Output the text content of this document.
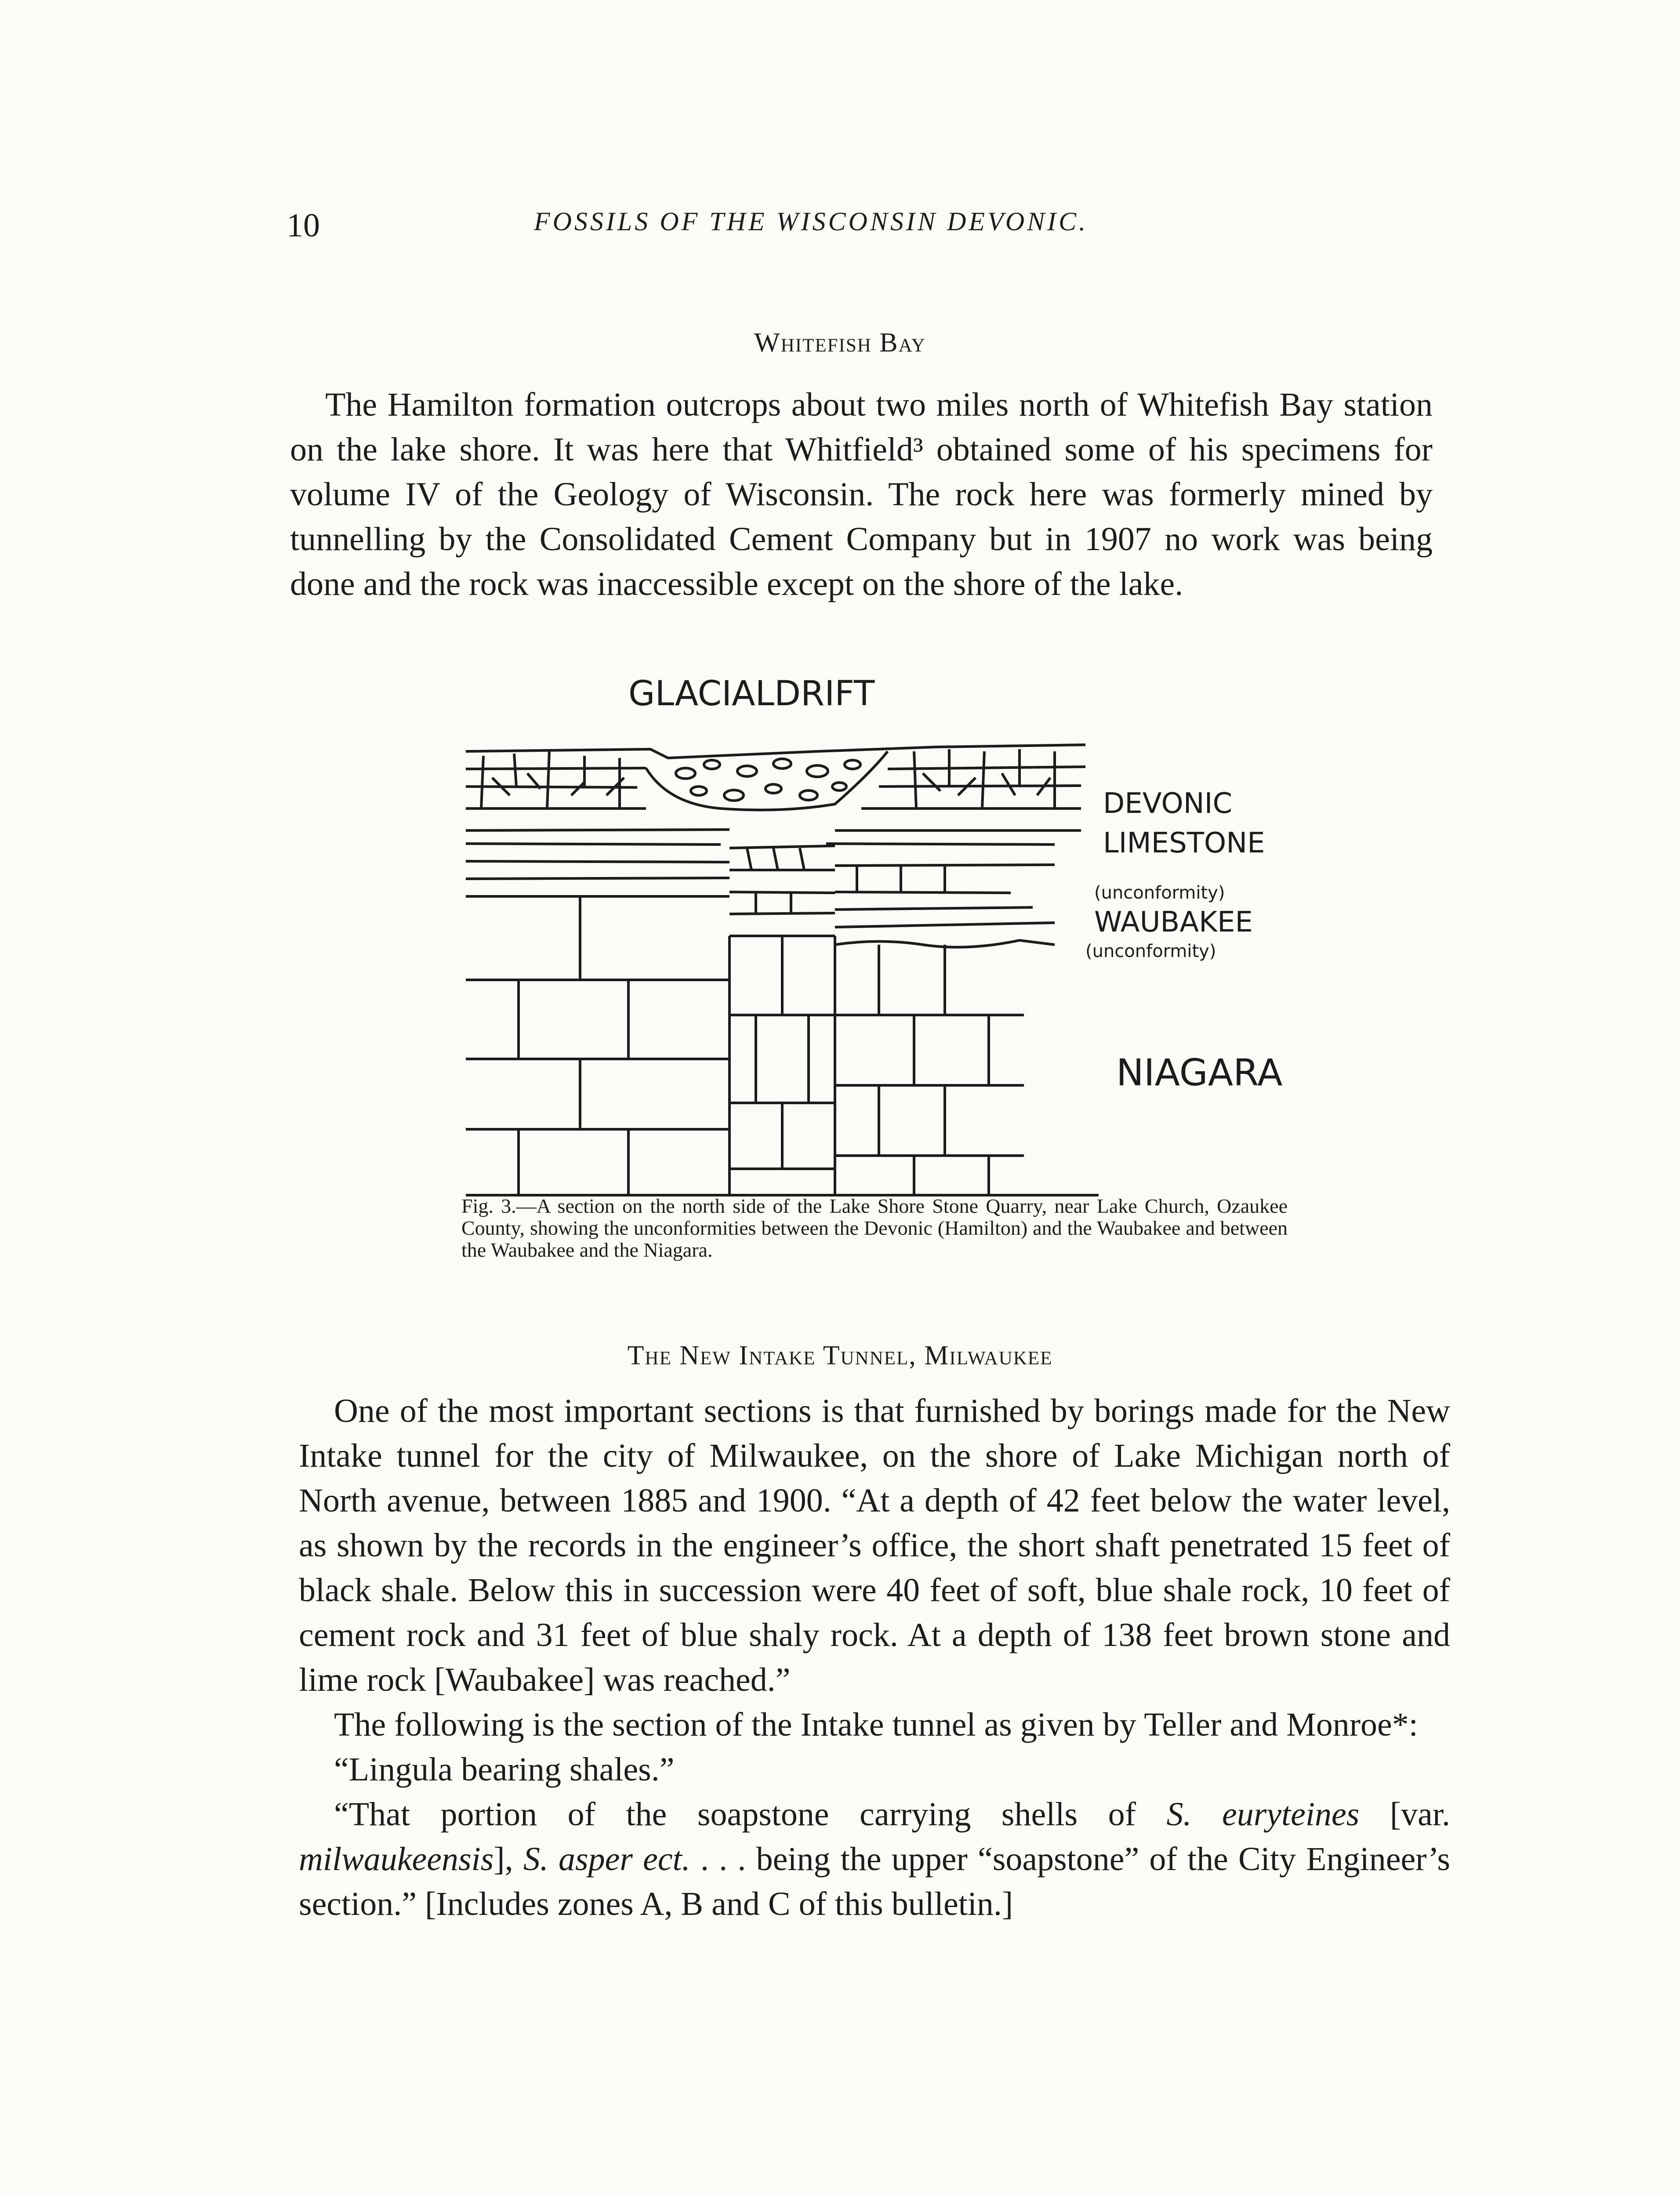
10	FOSSILS OF THE WISCONSIN DEVONIC.
Whitefish Bay

The Hamilton formation outcrops about two miles north of Whitefish Bay station on the lake shore. It was here that Whitfield³ obtained some of his specimens for volume IV of the Geology of Wisconsin. The rock here was formerly mined by tunnelling by the Consolidated Cement Company but in 1907 no work was being done and the rock was inaccessible except on the shore of the lake.

GLACIALDRIFT
DEVONIC
LIMESTONE
(unconformity)
WAUBAKEE
(unconformity)
NIAGARA
Fig. 3.—A section on the north side of the Lake Shore Stone Quarry, near Lake Church, Ozaukee County, showing the unconformities between the Devonic (Hamilton) and the Waubakee and between the Waubakee and the Niagara.
The New Intake Tunnel, Milwaukee

One of the most important sections is that furnished by borings made for the New Intake tunnel for the city of Milwaukee, on the shore of Lake Michigan north of North avenue, between 1885 and 1900. “At a depth of 42 feet below the water level, as shown by the records in the engineer’s office, the short shaft penetrated 15 feet of black shale. Below this in succession were 40 feet of soft, blue shale rock, 10 feet of cement rock and 31 feet of blue shaly rock. At a depth of 138 feet brown stone and lime rock [Waubakee] was reached.”

The following is the section of the Intake tunnel as given by Teller and Monroe*:

“Lingula bearing shales.”

“That portion of the soapstone carrying shells of S. euryteines [var. milwaukeensis], S. asper ect. . . . being the upper “soapstone” of the City Engineer’s section.” [Includes zones A, B and C of this bulletin.]
